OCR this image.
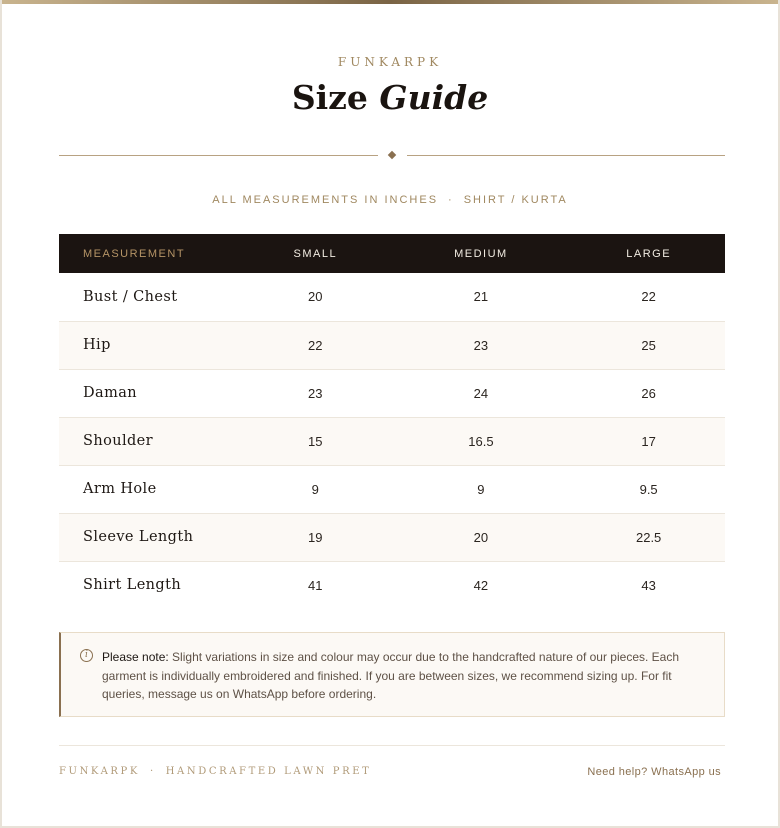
FUNKARPK
Size Guide
ALL MEASUREMENTS IN INCHES · SHIRT / KURTA
MEASUREMENT	SMALL	MEDIUM	LARGE
Bust / Chest	20	21	22
Hip	22	23	25
Daman	23	24	26
Shoulder	15	16.5	17
Arm Hole	9	9	9.5
Sleeve Length	19	20	22.5
Shirt Length	41	42	43
i	Please note: Slight variations in size and colour may occur due to the handcrafted nature of our pieces. Each garment is individually embroidered and finished. If you are between sizes, we recommend sizing up. For fit queries, message us on WhatsApp before ordering.
FUNKARPK · HANDCRAFTED LAWN PRET	Need help? WhatsApp us
